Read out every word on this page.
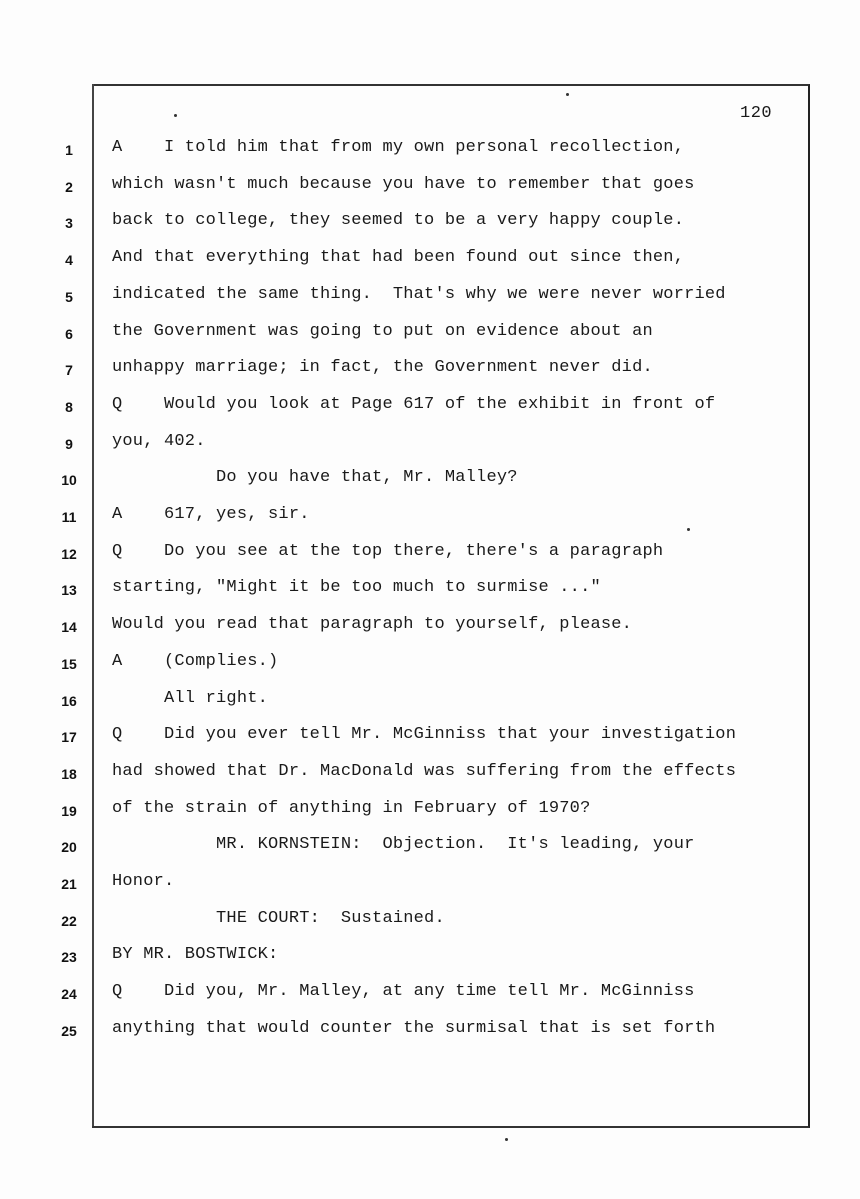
120
1	A    I told him that from my own personal recollection,
2	which wasn't much because you have to remember that goes
3	back to college, they seemed to be a very happy couple.
4	And that everything that had been found out since then,
5	indicated the same thing.  That's why we were never worried
6	the Government was going to put on evidence about an
7	unhappy marriage; in fact, the Government never did.
8	Q    Would you look at Page 617 of the exhibit in front of
9	you, 402.
10 Do you have that, Mr. Malley?
11 A    617, yes, sir.
12 Q    Do you see at the top there, there's a paragraph
13 starting, "Might it be too much to surmise ..."
14 Would you read that paragraph to yourself, please.
15 A    (Complies.)
16 All right.
17 Q    Did you ever tell Mr. McGinniss that your investigation
18 had showed that Dr. MacDonald was suffering from the effects
19 of the strain of anything in February of 1970?
20 MR. KORNSTEIN:  Objection.  It's leading, your
21 Honor.
22 THE COURT:  Sustained.
23 BY MR. BOSTWICK:
24 Q    Did you, Mr. Malley, at any time tell Mr. McGinniss
25 anything that would counter the surmisal that is set forth
